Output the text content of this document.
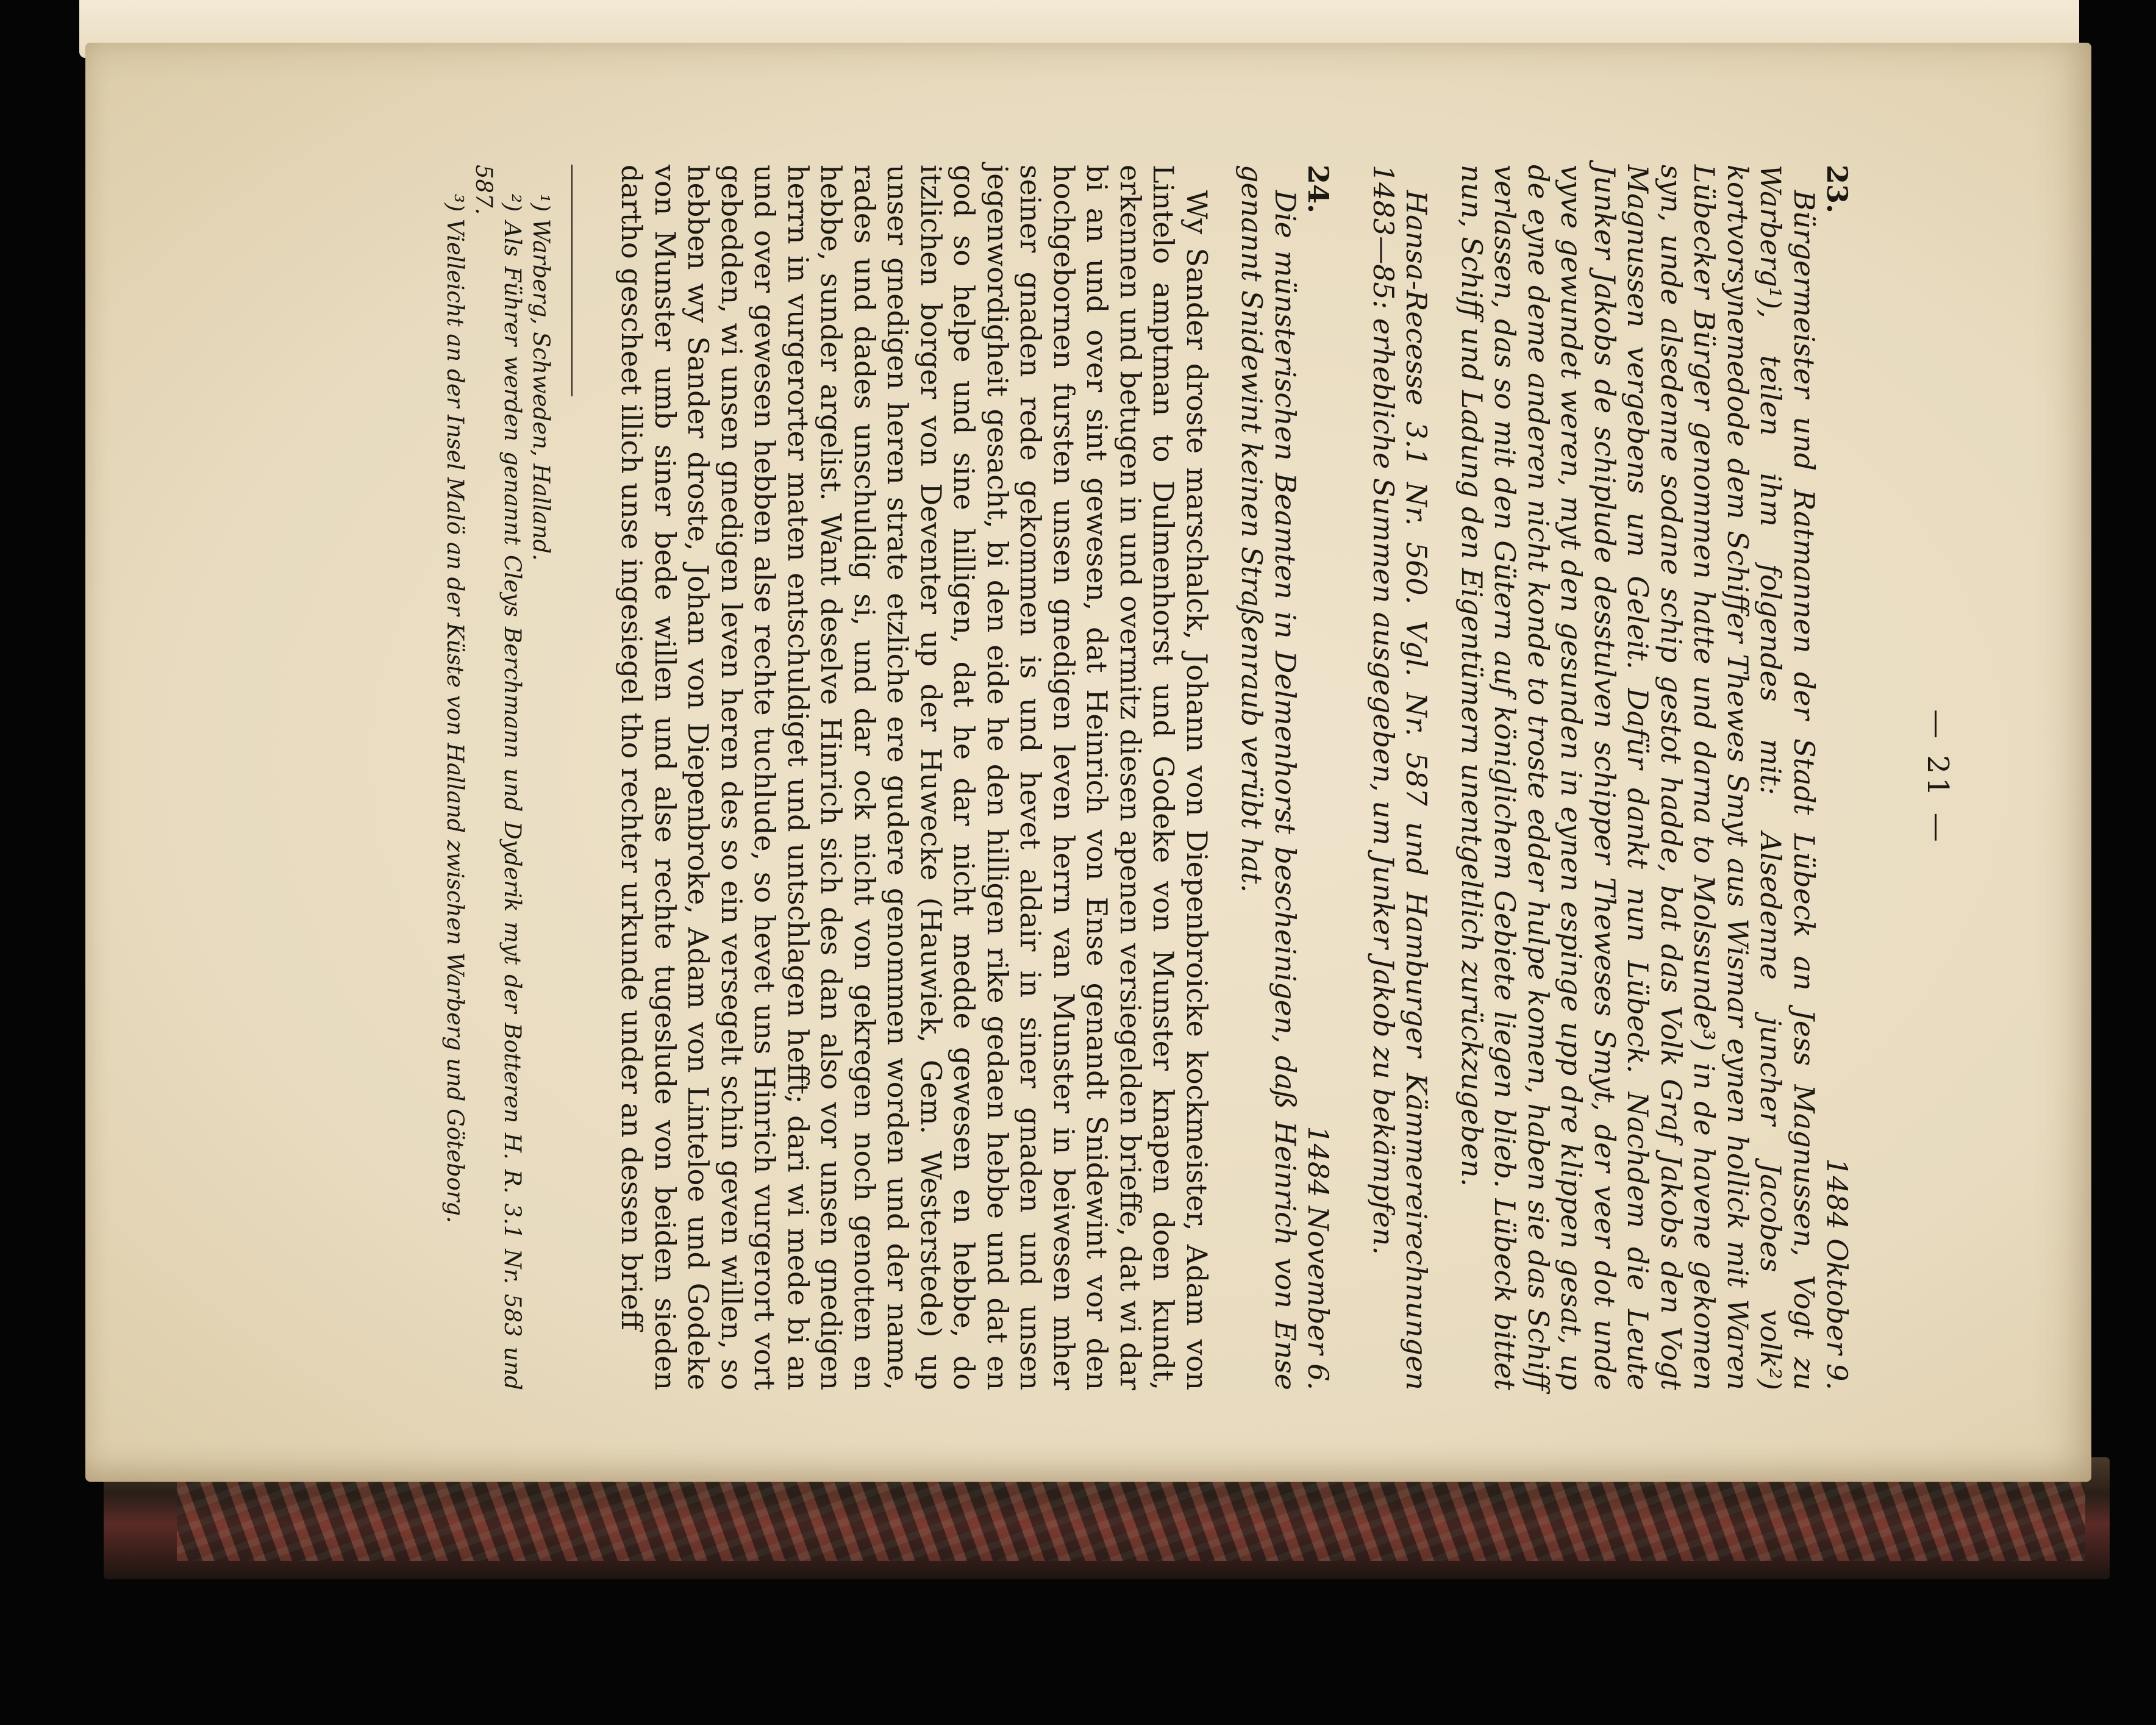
— 21 —
23.
1484 Oktober 9.

Bürgermeister und Ratmannen der Stadt Lübeck an Jess Magnussen, Vogt zu Warberg¹), teilen ihm folgendes mit: Alsedenne juncher Jacobes volk²) kortvorsynemedode dem Schiffer Thewes Smyt aus Wismar eynen hollick mit Waren Lübecker Bürger genommen hatte und darna to Molssunde³) in de havene gekomen syn, unde alsedenne sodane schip gestot hadde, bat das Volk Graf Jakobs den Vogt Magnussen vergebens um Geleit. Dafür dankt nun Lübeck. Nachdem die Leute Junker Jakobs de schiplude desstulven schipper Theweses Smyt, der veer dot unde vyve gewundet weren, myt den gesunden in eynen espinge upp dre klippen gesat, up de eyne deme anderen nicht konde to troste edder hulpe komen, haben sie das Schiff verlassen, das so mit den Gütern auf königlichem Gebiete liegen blieb. Lübeck bittet nun, Schiff und Ladung den Eigentümern unentgeltlich zurückzugeben.

Hansa-Recesse 3.1 Nr. 560. Vgl. Nr. 587 und Hamburger Kämmereirechnungen 1483—85: erhebliche Summen ausgegeben, um Junker Jakob zu bekämpfen.

24.
1484 November 6.

Die münsterischen Beamten in Delmenhorst bescheinigen, daß Heinrich von Ense genannt Snidewint keinen Straßenraub verübt hat.

Wy Sander droste marschalck, Johann von Diepenbroicke kockmeister, Adam von Lintelo amptman to Dulmenhorst und Godeke von Munster knapen doen kundt, erkennen und betugen in und overmitz diesen apenen versiegelden brieffe, dat wi dar bi an und over sint gewesen, dat Heinrich von Ense genandt Snidewint vor den hochgebornen fursten unsen gnedigen leven herrn van Munster in beiwesen mher seiner gnaden rede gekommen is und hevet aldair in siner gnaden und unsen jegenwordigheit gesacht, bi den eide he den hilligen rike gedaen hebbe und dat en god so helpe und sine hilligen, dat he dar nicht medde gewesen en hebbe, do itzlichen borger von Deventer up der Huwecke (Hauwiek, Gem. Westerstede) up unser gnedigen heren strate etzliche ere gudere genommen worden und der name, rades und dades unschuldig si, und dar ock nicht von gekregen noch genotten en hebbe, sunder argelist. Want deselve Hinrich sich des dan also vor unsen gnedigen herrn in vurgerorter maten entschuldiget und untschlagen hefft; dari wi mede bi an und over gewesen hebben alse rechte tuchlude, so hevet uns Hinrich vurgerort vort gebedden, wi unsen gnedigen leven heren des so ein versegelt schin geven willen, so hebben wy Sander droste, Johan von Diepenbroke, Adam von Linteloe und Godeke von Munster umb siner bede willen und alse rechte tugeslude von beiden sieden dartho gescheet illich unse ingesiegel tho rechter urkunde under an dessen brieff

¹) Warberg, Schweden, Halland.

²) Als Führer werden genannt Cleys Berchmann und Dyderik myt der Botteren H. R. 3.1 Nr. 583 und 587.

³) Vielleicht an der Insel Malö an der Küste von Halland zwischen Warberg und Göteborg.
